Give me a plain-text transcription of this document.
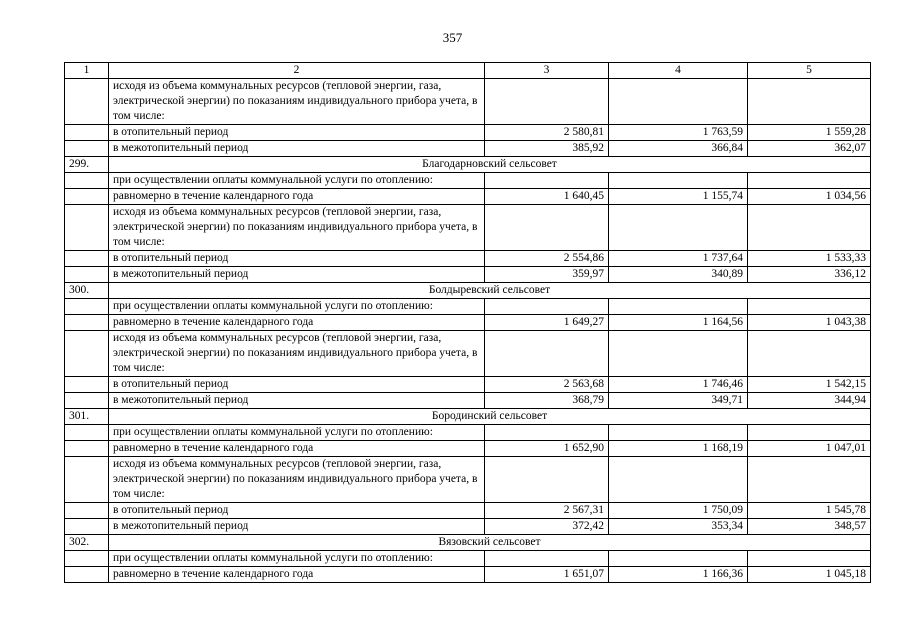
357
1	2	3	4	5
	исходя из объема коммунальных ресурсов (тепловой энергии, газа, электрической энергии) по показаниям индивидуального прибора учета, в том числе:			
	в отопительный период	2 580,81	1 763,59	1 559,28
	в межотопительный период	385,92	366,84	362,07
299.	Благодарновский сельсовет			
	при осуществлении оплаты коммунальной услуги по отоплению:			
	равномерно в течение календарного года	1 640,45	1 155,74	1 034,56
	исходя из объема коммунальных ресурсов (тепловой энергии, газа, электрической энергии) по показаниям индивидуального прибора учета, в том числе:			
	в отопительный период	2 554,86	1 737,64	1 533,33
	в межотопительный период	359,97	340,89	336,12
300.	Болдыревский сельсовет			
	при осуществлении оплаты коммунальной услуги по отоплению:			
	равномерно в течение календарного года	1 649,27	1 164,56	1 043,38
	исходя из объема коммунальных ресурсов (тепловой энергии, газа, электрической энергии) по показаниям индивидуального прибора учета, в том числе:			
	в отопительный период	2 563,68	1 746,46	1 542,15
	в межотопительный период	368,79	349,71	344,94
301.	Бородинский сельсовет			
	при осуществлении оплаты коммунальной услуги по отоплению:			
	равномерно в течение календарного года	1 652,90	1 168,19	1 047,01
	исходя из объема коммунальных ресурсов (тепловой энергии, газа, электрической энергии) по показаниям индивидуального прибора учета, в том числе:			
	в отопительный период	2 567,31	1 750,09	1 545,78
	в межотопительный период	372,42	353,34	348,57
302.	Вязовский сельсовет			
	при осуществлении оплаты коммунальной услуги по отоплению:			
	равномерно в течение календарного года	1 651,07	1 166,36	1 045,18
